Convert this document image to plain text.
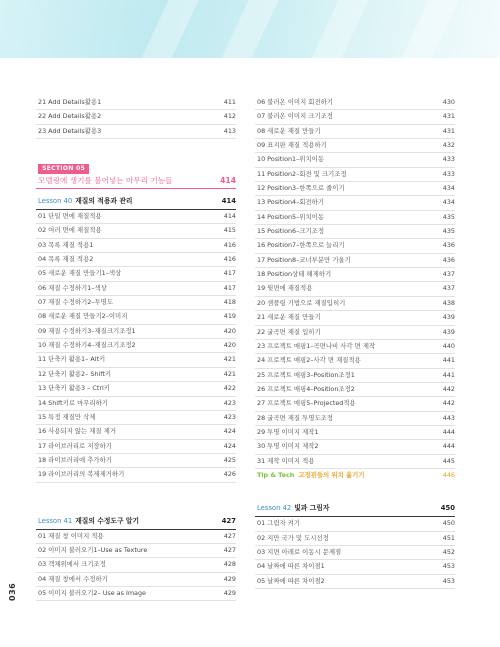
21 Add Details활용1	411
22 Add Details활용2	412
23 Add Details활용3	413
SECTION 05
모델링에 생기를 불어넣는 마무리 기능들	414
Lesson 40 재질의 적용과 관리	414
01 단일 면에 재질적용	414
02 여러 면에 재질적용	415
03 목록 재질 적용1	416
04 목록 재질 적용2	416
05 새로운 재질 만들기1–색상	417
06 재질 수정하기1–색상	417
07 재질 수정하기2–투명도	418
08 새로운 재질 만들기2–이미지	419
09 재질 수정하기3–재질크기조정1	420
10 재질 수정하기4–재질크기조정2	420
11 단축키 활용1– Alt키	421
12 단축키 활용2– Shift키	421
13 단축키 활용3 – Ctrl키	422
14 Shift키로 마무리하기	423
15 특정 재질만 삭제	423
16 사용되지 않는 재질 제거	424
17 라이브러리로 저장하기	424
18 라이브러리에 추가하기	425
19 라이브러리의 복제제거하기	426
Lesson 41 재질의 수정도구 알기	427
01 재질 창 이미지 적용	427
02 이미지 불러오기1–Use as Texture	427
03 객체위에서 크기조정	428
04 재질 창에서 수정하기	429
05 이미지 불러오기2– Use as Image	429
06 불러온 이미지 회전하기	430
07 불러온 이미지 크기조정	431
08 새로운 재질 만들기	431
09 표지판 재질 적용하기	432
10 Position1–위치이동	433
11 Position2–회전 및 크기조정	433
12 Position3–한쪽으로 줄이기	434
13 Position4–회전하기	434
14 Position5–위치이동	435
15 Position6–크기조정	435
16 Position7–한쪽으로 늘리기	436
17 Position8–코너부분만 기울기	436
18 Position상태 해제하기	437
19 뒷면에 재질적용	437
20 샘플링 기법으로 재질입히기	438
21 새로운 재질 만들기	439
22 굴곡면 재질 입히기	439
23 프로젝트 매핑1–곡면나비 사각 면 제작	440
24 프로젝트 매핑2–사각 면 재질적용	441
25 프로젝트 매핑3–Position조정1	441
26 프로젝트 매핑4–Position조정2	442
27 프로젝트 매핑5–Projected적용	442
28 굴곡면 재질 투명도조정	443
29 투명 이미지 제작1	444
30 투명 이미지 제작2	444
31 제작 이미지 적용	445
Tip & Tech 고정핀들의 위치 옮기기	446
Lesson 42 빛과 그림자	450
01 그림자 켜기	450
02 지만 국가 및 도시선정	451
03 지면 아래로 이동시 문제점	452
04 날짜에 따른 차이점1	453
05 날짜에 따른 차이점2	453
036
